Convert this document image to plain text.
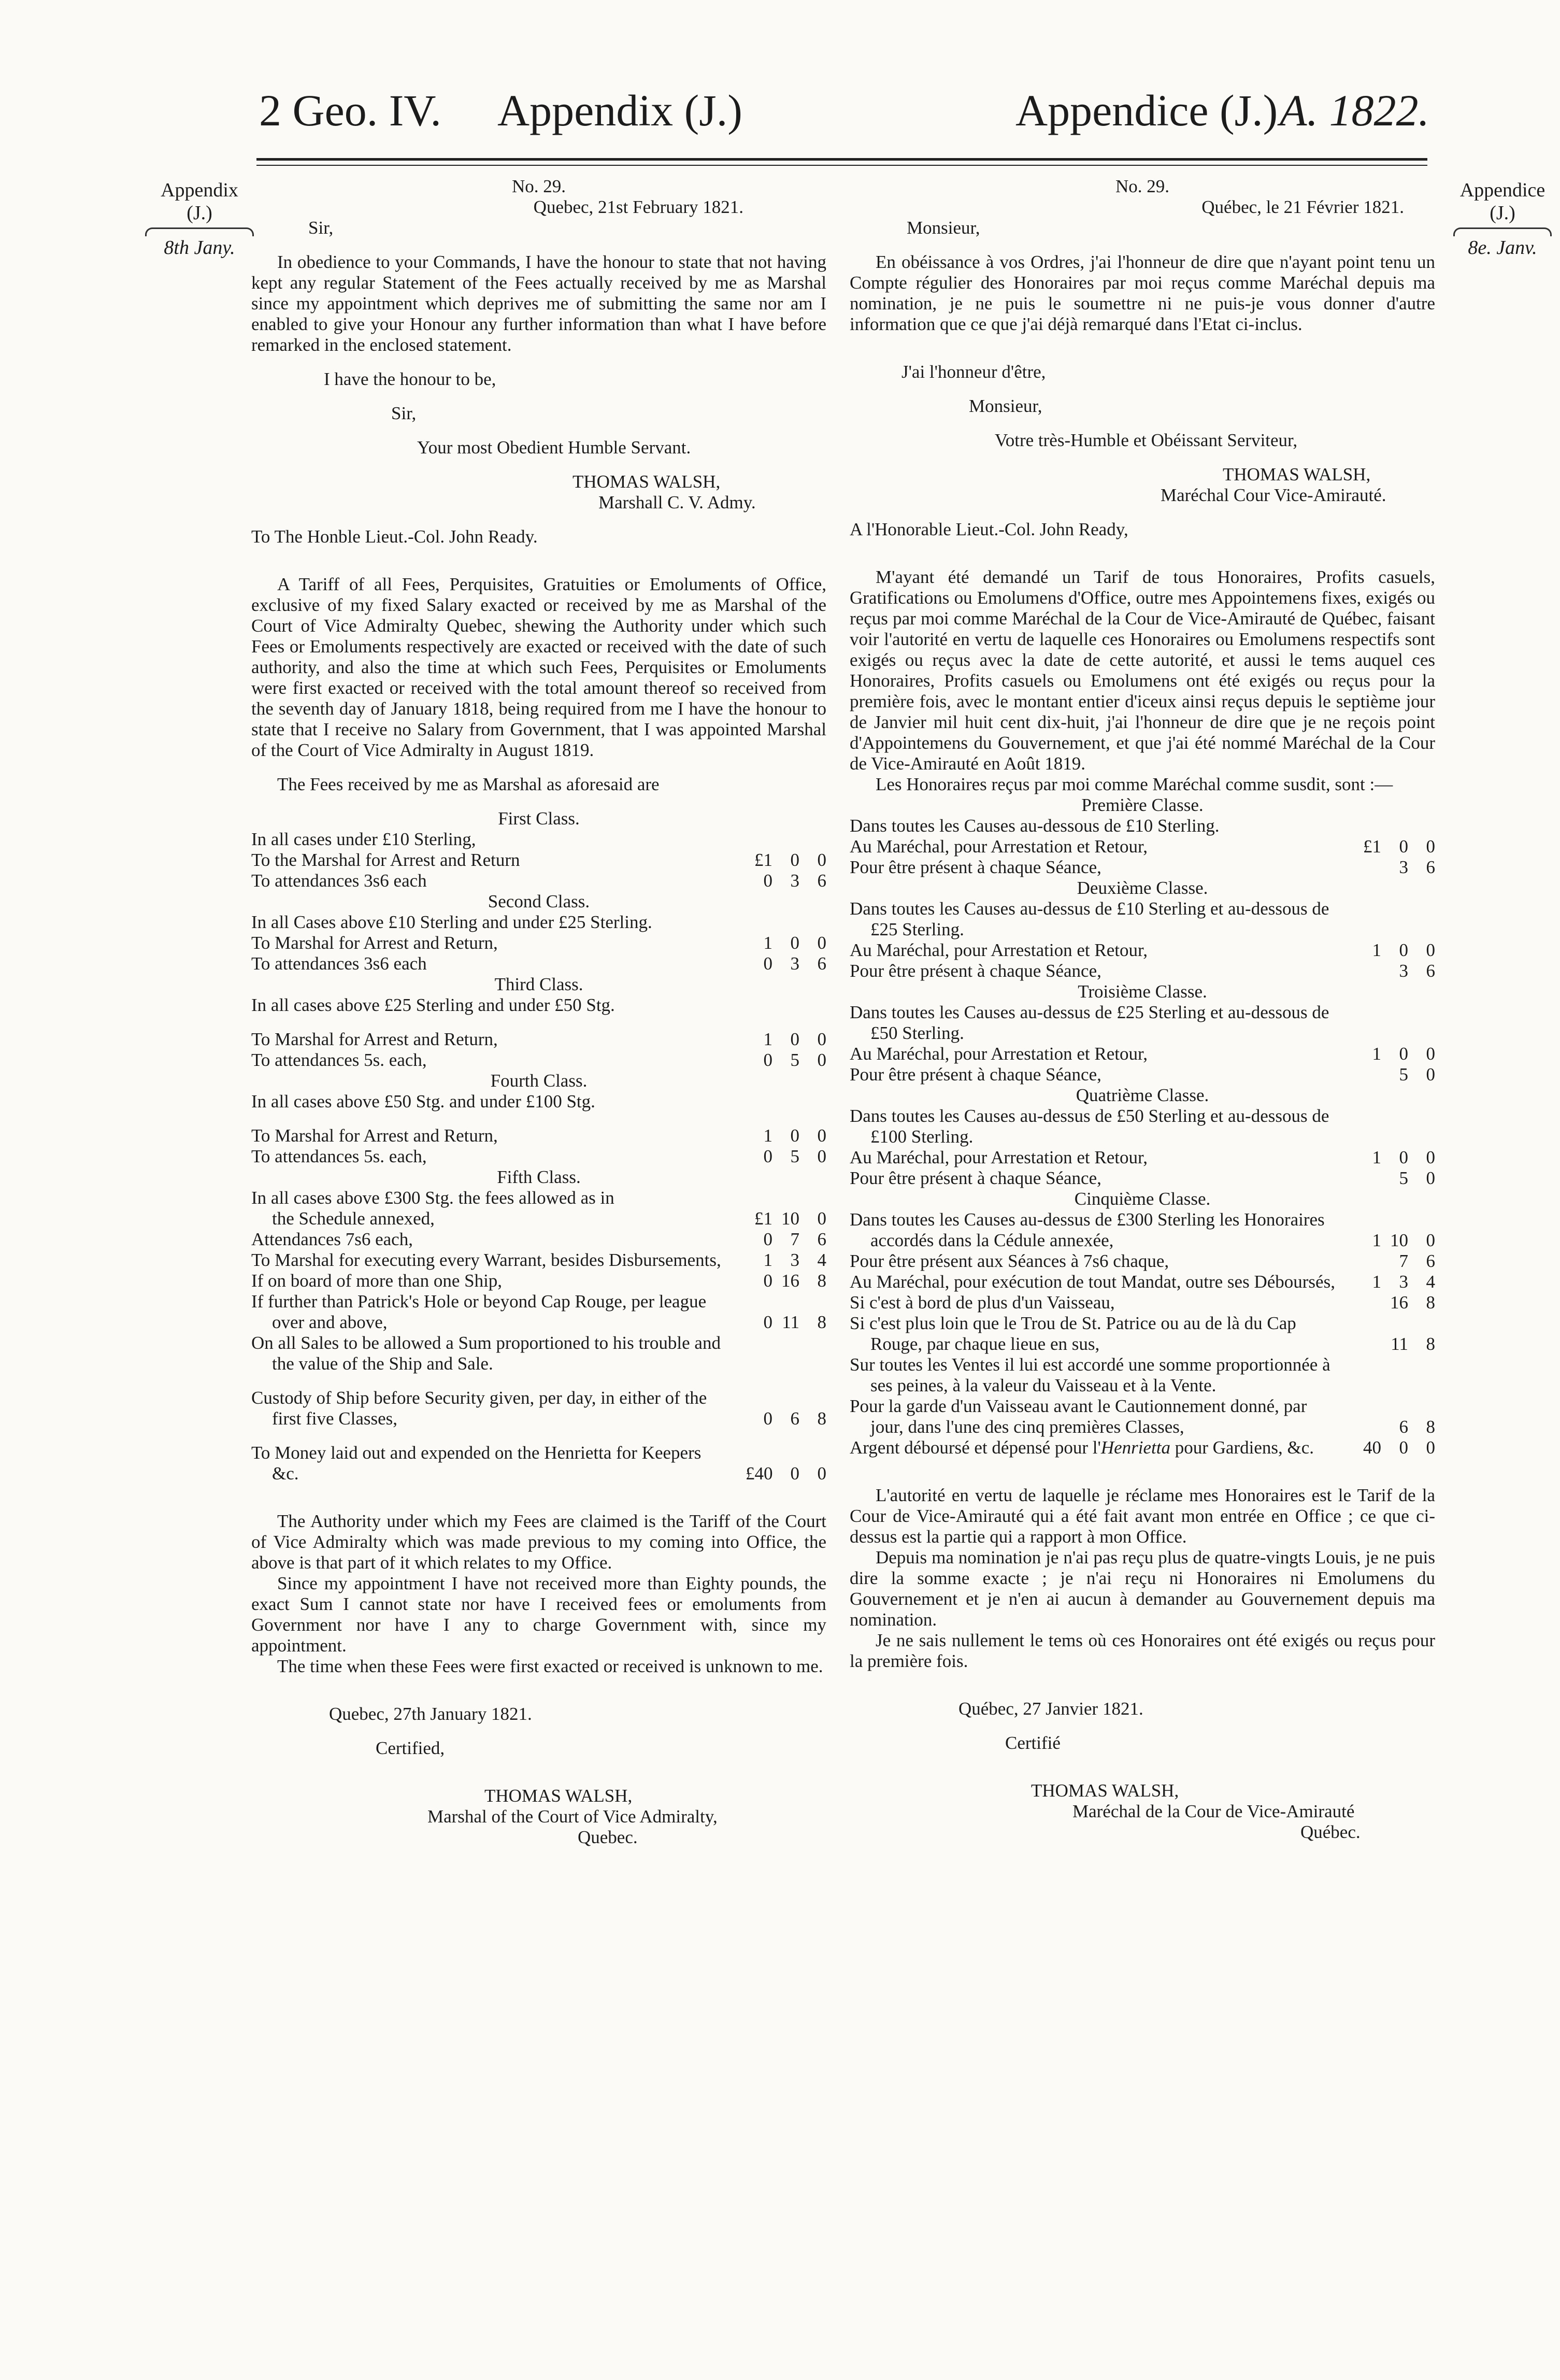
2 Geo. IV. Appendix (J.)	Appendice (J.) A. 1822.
Appendix
(J.)
8th Jany.
Appendice
(J.)
8e. Janv.

No. 29.

Quebec, 21st February 1821.

Sir,

In obedience to your Commands, I have the honour to state that not having kept any regular Statement of the Fees actually received by me as Marshal since my appointment which deprives me of submitting the same nor am I enabled to give your Honour any further information than what I have before remarked in the enclosed statement.

I have the honour to be,

Sir,

Your most Obedient Humble Servant.

THOMAS WALSH,

Marshall C. V. Admy.

To The Honble Lieut.-Col. John Ready.

A Tariff of all Fees, Perquisites, Gratuities or Emoluments of Office, exclusive of my fixed Salary exacted or received by me as Marshal of the Court of Vice Admiralty Quebec, shewing the Authority under which such Fees or Emoluments respectively are exacted or received with the date of such authority, and also the time at which such Fees, Perquisites or Emoluments were first exacted or received with the total amount thereof so received from the seventh day of January 1818, being required from me I have the honour to state that I receive no Salary from Government, that I was appointed Marshal of the Court of Vice Admiralty in August 1819.

The Fees received by me as Marshal as aforesaid are

First Class.

In all cases under £10 Sterling,

To the Marshal for Arrest and Return	£1 0 0
To attendances 3s6 each	0 3 6

Second Class.

In all Cases above £10 Sterling and under £25 Sterling.

To Marshal for Arrest and Return,	1 0 0
To attendances 3s6 each	0 3 6

Third Class.

In all cases above £25 Sterling and under £50 Stg.

To Marshal for Arrest and Return,	1 0 0
To attendances 5s. each,	0 5 0

Fourth Class.

In all cases above £50 Stg. and under £100 Stg.

To Marshal for Arrest and Return,	1 0 0
To attendances 5s. each,	0 5 0

Fifth Class.

In all cases above £300 Stg. the fees allowed as in the Schedule annexed,	£1 10 0
Attendances 7s6 each,	0 7 6
To Marshal for executing every Warrant, besides Disbursements,	1 3 4
If on board of more than one Ship,	0 16 8
If further than Patrick's Hole or beyond Cap Rouge, per league over and above,	0 11 8

On all Sales to be allowed a Sum proportioned to his trouble and the value of the Ship and Sale.

Custody of Ship before Security given, per day, in either of the first five Classes,	0 6 8
To Money laid out and expended on the Henrietta for Keepers &c.	£40 0 0

The Authority under which my Fees are claimed is the Tariff of the Court of Vice Admiralty which was made previous to my coming into Office, the above is that part of it which relates to my Office.

Since my appointment I have not received more than Eighty pounds, the exact Sum I cannot state nor have I received fees or emoluments from Government nor have I any to charge Government with, since my appointment.

The time when these Fees were first exacted or received is unknown to me.

Quebec, 27th January 1821.

Certified,

THOMAS WALSH,

Marshal of the Court of Vice Admiralty,

Quebec.

No. 29.

Québec, le 21 Février 1821.

Monsieur,

En obéissance à vos Ordres, j'ai l'honneur de dire que n'ayant point tenu un Compte régulier des Honoraires par moi reçus comme Maréchal depuis ma nomination, je ne puis le soumettre ni ne puis-je vous donner d'autre information que ce que j'ai déjà remarqué dans l'Etat ci-inclus.

J'ai l'honneur d'être,

Monsieur,

Votre très-Humble et Obéissant Serviteur,

THOMAS WALSH,

Maréchal Cour Vice-Amirauté.

A l'Honorable Lieut.-Col. John Ready,

M'ayant été demandé un Tarif de tous Honoraires, Profits casuels, Gratifications ou Emolumens d'Office, outre mes Appointemens fixes, exigés ou reçus par moi comme Maréchal de la Cour de Vice-Amirauté de Québec, faisant voir l'autorité en vertu de laquelle ces Honoraires ou Emolumens respectifs sont exigés ou reçus avec la date de cette autorité, et aussi le tems auquel ces Honoraires, Profits casuels ou Emolumens ont été exigés ou reçus pour la première fois, avec le montant entier d'iceux ainsi reçus depuis le septième jour de Janvier mil huit cent dix-huit, j'ai l'honneur de dire que je ne reçois point d'Appointemens du Gouvernement, et que j'ai été nommé Maréchal de la Cour de Vice-Amirauté en Août 1819.

Les Honoraires reçus par moi comme Maréchal comme susdit, sont :—

Première Classe.

Dans toutes les Causes au-dessous de £10 Sterling.

Au Maréchal, pour Arrestation et Retour,	£1 0 0
Pour être présent à chaque Séance,	3 6

Deuxième Classe.

Dans toutes les Causes au-dessus de £10 Sterling et au-dessous de £25 Sterling.

Au Maréchal, pour Arrestation et Retour,	1 0 0
Pour être présent à chaque Séance,	3 6

Troisième Classe.

Dans toutes les Causes au-dessus de £25 Sterling et au-dessous de £50 Sterling.

Au Maréchal, pour Arrestation et Retour,	1 0 0
Pour être présent à chaque Séance,	5 0

Quatrième Classe.

Dans toutes les Causes au-dessus de £50 Sterling et au-dessous de £100 Sterling.

Au Maréchal, pour Arrestation et Retour,	1 0 0
Pour être présent à chaque Séance,	5 0

Cinquième Classe.

Dans toutes les Causes au-dessus de £300 Sterling les Honoraires accordés dans la Cédule annexée,	1 10 0
Pour être présent aux Séances à 7s6 chaque,	7 6
Au Maréchal, pour exécution de tout Mandat, outre ses Déboursés,	1 3 4
Si c'est à bord de plus d'un Vaisseau,	16 8
Si c'est plus loin que le Trou de St. Patrice ou au de là du Cap Rouge, par chaque lieue en sus,	11 8

Sur toutes les Ventes il lui est accordé une somme proportionnée à ses peines, à la valeur du Vaisseau et à la Vente.

Pour la garde d'un Vaisseau avant le Cautionnement donné, par jour, dans l'une des cinq premières Classes,	6 8
Argent déboursé et dépensé pour l'Henrietta pour Gardiens, &c.	40 0 0

L'autorité en vertu de laquelle je réclame mes Honoraires est le Tarif de la Cour de Vice-Amirauté qui a été fait avant mon entrée en Office ; ce que ci-dessus est la partie qui a rapport à mon Office.

Depuis ma nomination je n'ai pas reçu plus de quatre-vingts Louis, je ne puis dire la somme exacte ; je n'ai reçu ni Honoraires ni Emolumens du Gouvernement et je n'en ai aucun à demander au Gouvernement depuis ma nomination.

Je ne sais nullement le tems où ces Honoraires ont été exigés ou reçus pour la première fois.

Québec, 27 Janvier 1821.

Certifié

THOMAS WALSH,

Maréchal de la Cour de Vice-Amirauté

Québec.
